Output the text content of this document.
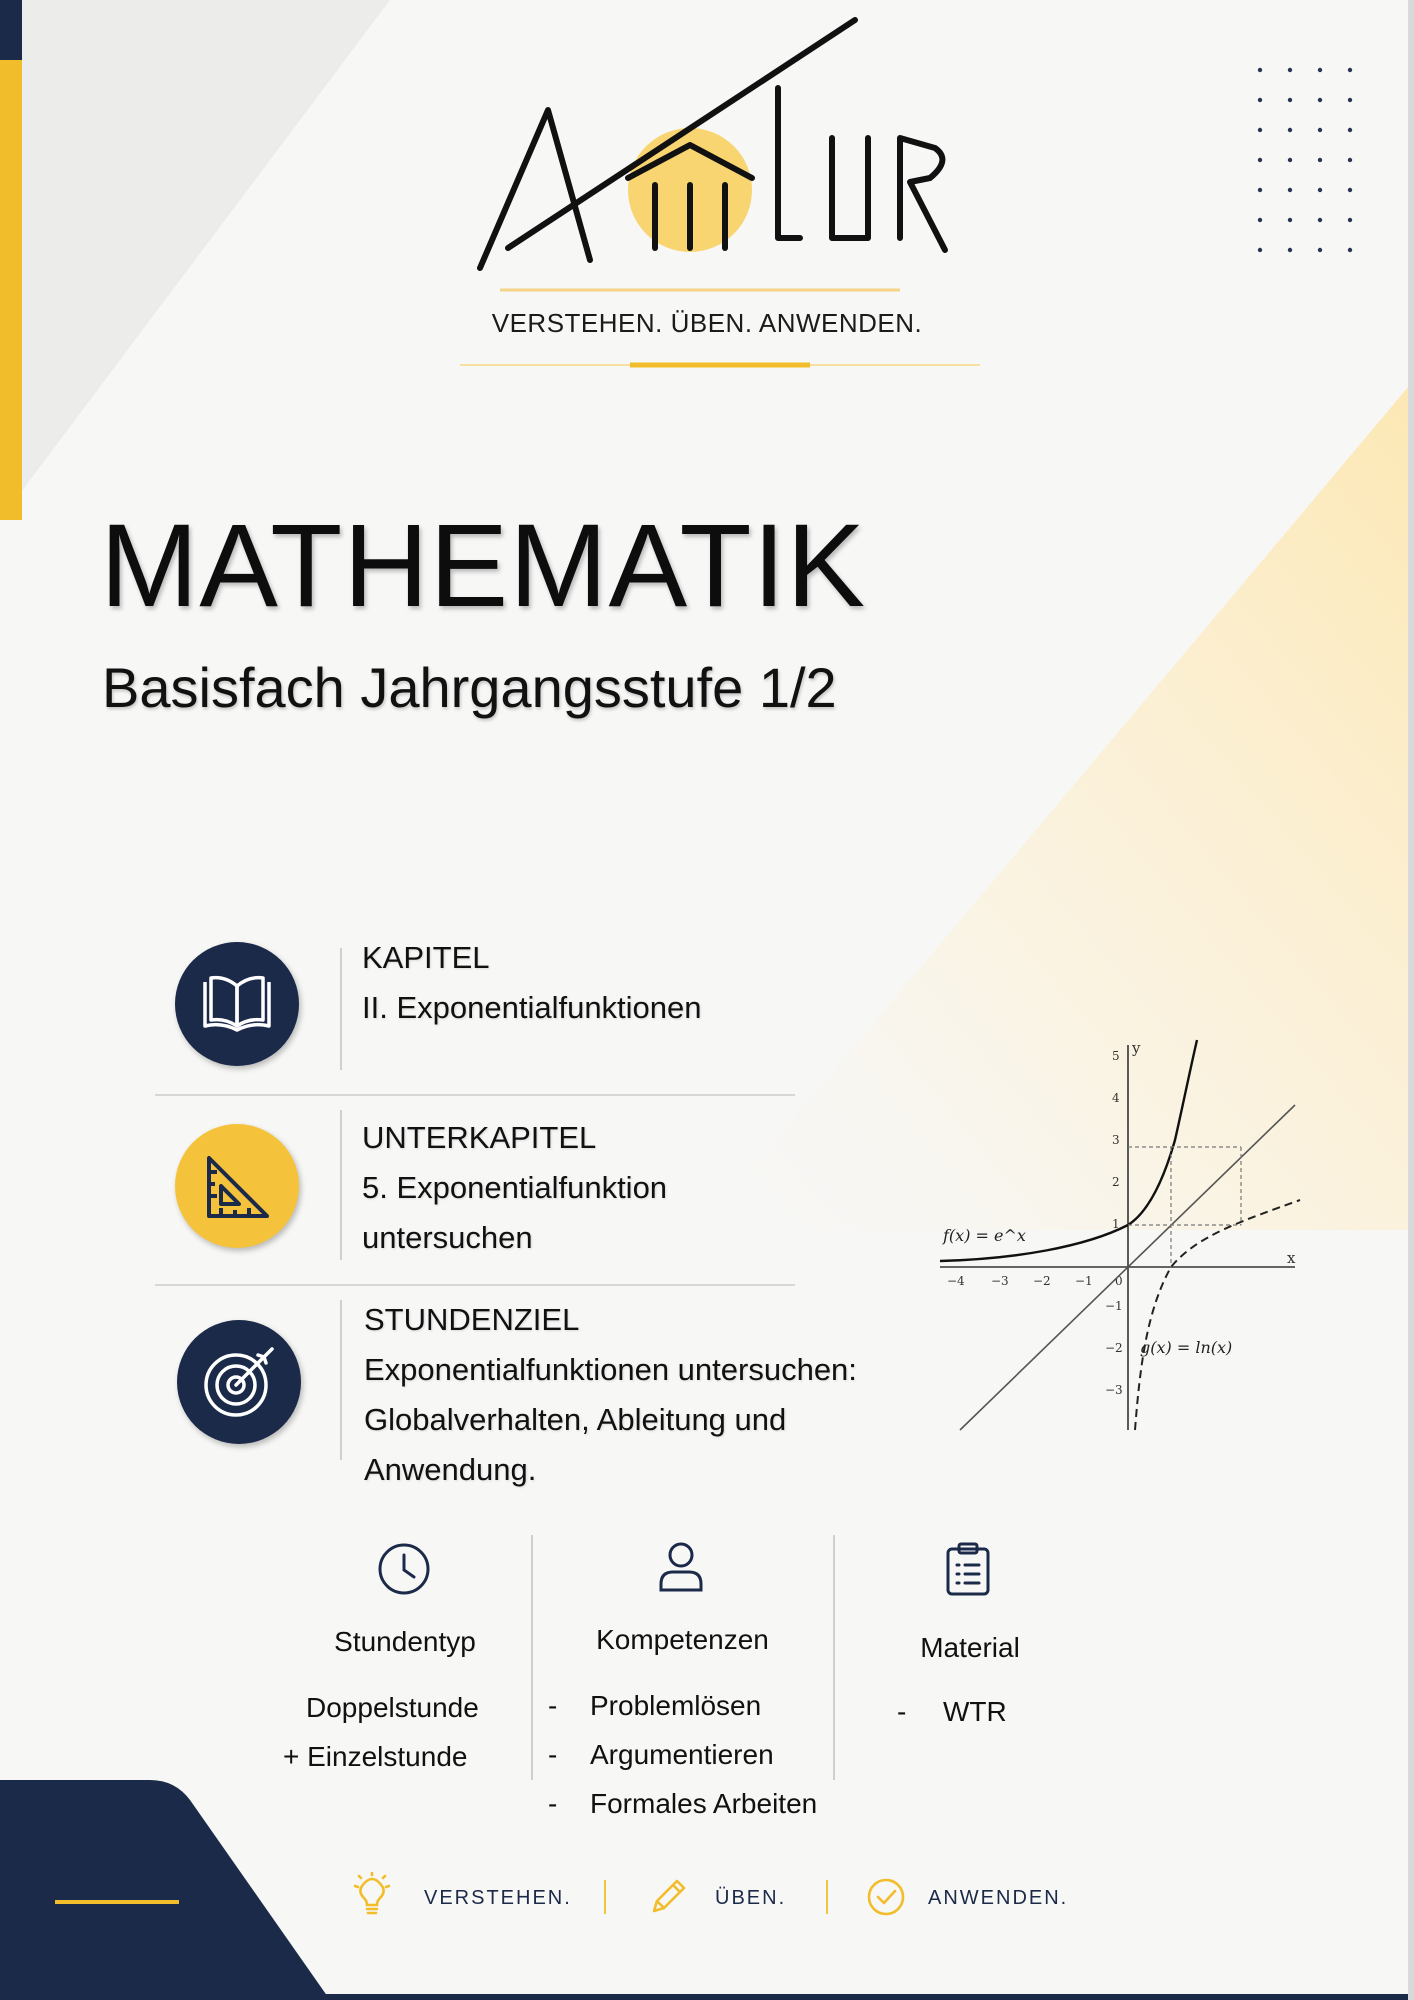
VERSTEHEN. ÜBEN. ANWENDEN.
MATHEMATIK
Basisfach Jahrgangsstufe 1/2
KAPITEL
II. Exponentialfunktionen
UNTERKAPITEL
5. Exponentialfunktion
untersuchen
STUNDENZIEL
Exponentialfunktionen untersuchen:
Globalverhalten, Ableitung und
Anwendung.
x
y
−4 −3 −2 −1 0
5
4
3
2
1
−1
−2
−3
f(x) = e^x
g(x) = ln(x)
Stundentyp
Doppelstunde
+ Einzelstunde
Kompetenzen
- Problemlösen
- Argumentieren
- Formales Arbeiten
Material
- WTR
VERSTEHEN.	ÜBEN.	ANWENDEN.
